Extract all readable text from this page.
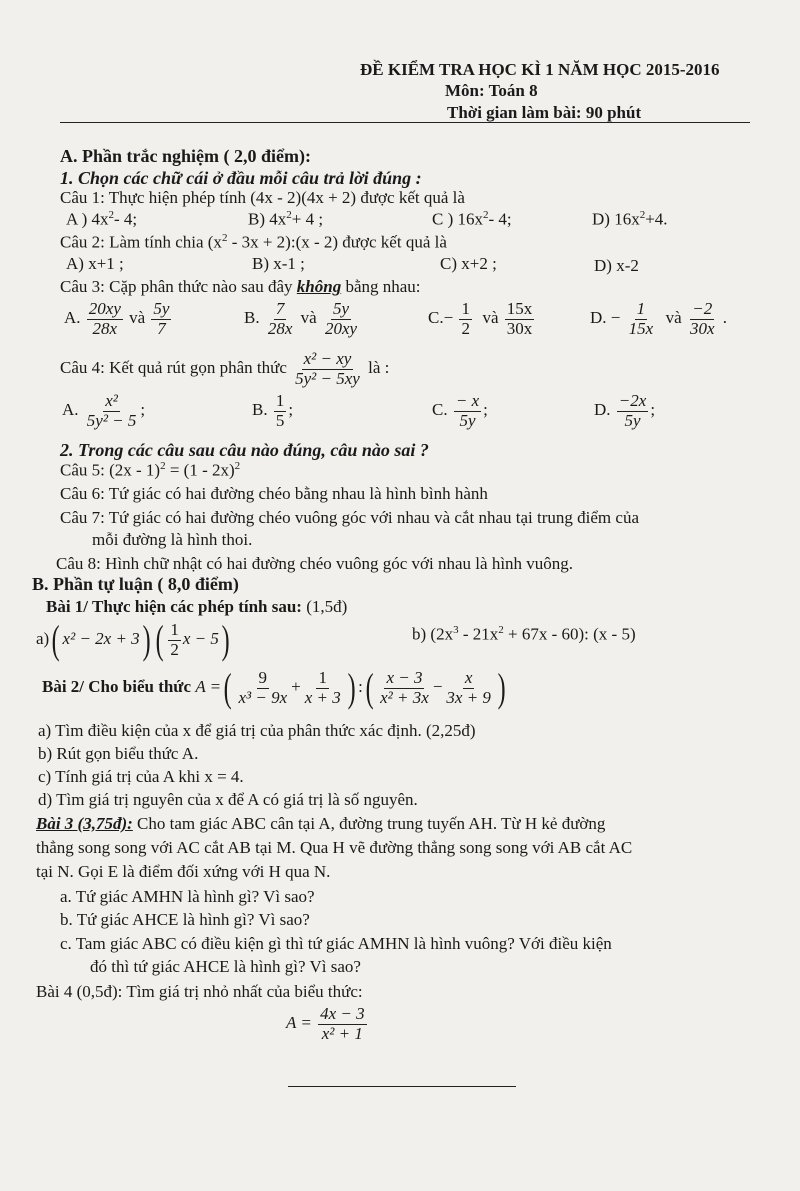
ĐỀ KIỂM TRA HỌC KÌ 1 NĂM HỌC 2015-2016
Môn: Toán 8
Thời gian làm bài: 90 phút
A. Phần trắc nghiệm ( 2,0 điểm):
1. Chọn các chữ cái ở đầu mỗi câu trả lời đúng :
Câu 1: Thực hiện phép tính (4x - 2)(4x + 2) được kết quả là
A ) $4x^2-$ 4;	B) $4x^2+ 4$ ;	C ) $16x^2-$ 4;	D) $16x^2+4$.
Câu 2: Làm tính chia ($x^2 - 3x$ + 2):(x - 2) được kết quả là
A) x+1 ;	B) x-1 ;	C) x+2 ;	D) x-2
Câu 3: Cặp phân thức nào sau đây không bằng nhau:
A. $\frac{20xy}{28x}$ và $\frac{5y}{7}$	B. $\frac{7}{28x}$ và $\frac{5y}{20xy}$	$C.- \frac{1}{2}$ và $\frac{15x}{30x}$	D. − $\frac{1}{15x}$ và $\frac{-2}{30x}$ .
Câu 4: Kết quả rút gọn phân thức $\frac{\text{x² − xy}}{\text{5y² − 5xy}}$ là :
A. $\frac{\text{x²}}{\text{5y² − 5}}$ ;	B. $\frac{1}{5}$ ;	C. $\frac{- x}{5y}$ ;	D. $\frac{-2x}{5y}$ ;
2. Trong các câu sau câu nào đúng, câu nào sai ?
Câu 5: (2x - 1)$^2$ = (1 - 2x)$^2$
Câu 6: Tứ giác có hai đường chéo bằng nhau là hình bình hành
Câu 7: Tứ giác có hai đường chéo vuông góc với nhau và cắt nhau tại trung điểm của
mỗi đường là hình thoi.
Câu 8: Hình chữ nhật có hai đường chéo vuông góc với nhau là hình vuông.
B. Phần tự luận ( 8,0 điểm)
Bài 1/ Thực hiện các phép tính sau: (1,5đ)
a)( x² − 2x + 3) ( $\frac{1}{2}$ x − 5)	b) $(2x^3 - 21x^2 + 67x - 60)$: (x - 5)
Bài 2/ Cho biểu thức A =( $\frac{9}{\text{x³ − 9x}} + \frac{1}{x + 3}$ ) :( $\frac{x - 3}{\text{x² + 3x}} - \frac{x}{3x + 9}$ )
a) Tìm điều kiện của x để giá trị của phân thức xác định. (2,25đ)
b) Rút gọn biểu thức A.
c) Tính giá trị của A khi x = 4.
d) Tìm giá trị nguyên của x để A có giá trị là số nguyên.
Bài 3 (3,75đ): Cho tam giác ABC cân tại A, đường trung tuyến AH. Từ H kẻ đường
thẳng song song với AC cắt AB tại M. Qua H vẽ đường thẳng song song với AB cắt AC
tại N. Gọi E là điểm đối xứng với H qua N.
a. Tứ giác AMHN là hình gì? Vì sao?
b. Tứ giác AHCE là hình gì? Vì sao?
c. Tam giác ABC có điều kiện gì thì tứ giác AMHN là hình vuông? Với điều kiện
đó thì tứ giác AHCE là hình gì? Vì sao?
Bài 4 (0,5đ): Tìm giá trị nhỏ nhất của biểu thức:
$A = \frac{4x - 3}{\text{x² + 1}}$
